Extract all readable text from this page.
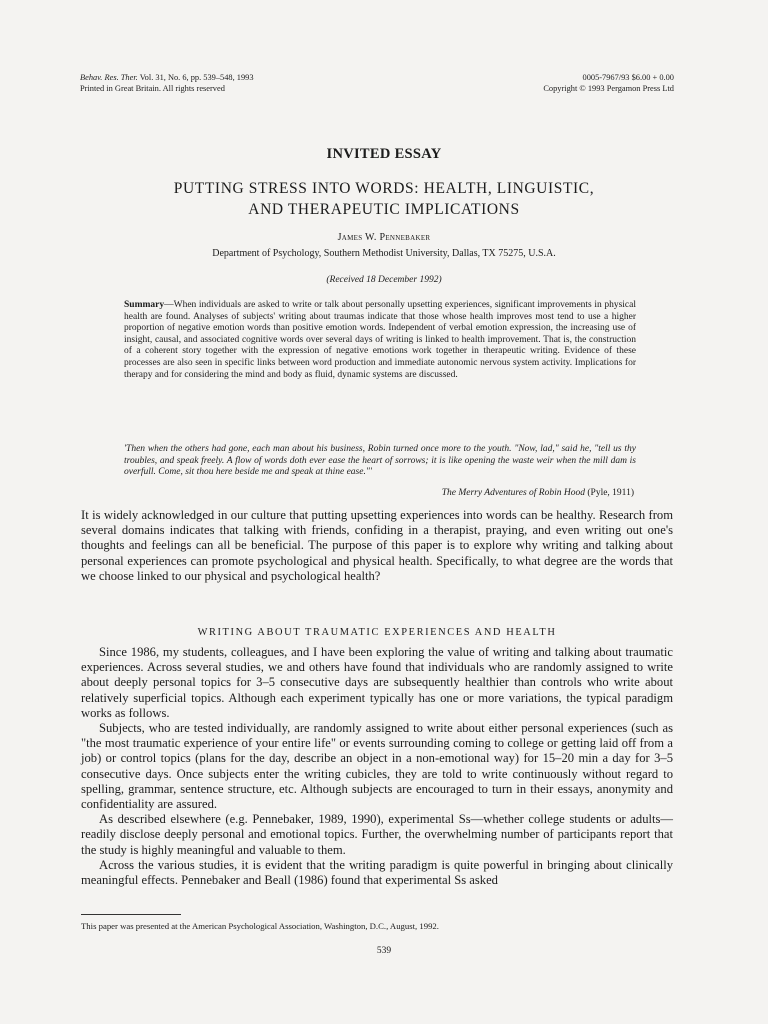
Behav. Res. Ther. Vol. 31, No. 6, pp. 539–548, 1993
Printed in Great Britain. All rights reserved
0005-7967/93 $6.00 + 0.00
Copyright © 1993 Pergamon Press Ltd
INVITED ESSAY
PUTTING STRESS INTO WORDS: HEALTH, LINGUISTIC,
AND THERAPEUTIC IMPLICATIONS
James W. Pennebaker
Department of Psychology, Southern Methodist University, Dallas, TX 75275, U.S.A.
(Received 18 December 1992)
Summary—When individuals are asked to write or talk about personally upsetting experiences, significant improvements in physical health are found. Analyses of subjects' writing about traumas indicate that those whose health improves most tend to use a higher proportion of negative emotion words than positive emotion words. Independent of verbal emotion expression, the increasing use of insight, causal, and associated cognitive words over several days of writing is linked to health improvement. That is, the construction of a coherent story together with the expression of negative emotions work together in therapeutic writing. Evidence of these processes are also seen in specific links between word production and immediate autonomic nervous system activity. Implications for therapy and for considering the mind and body as fluid, dynamic systems are discussed.
'Then when the others had gone, each man about his business, Robin turned once more to the youth. "Now, lad," said he, "tell us thy troubles, and speak freely. A flow of words doth ever ease the heart of sorrows; it is like opening the waste weir when the mill dam is overfull. Come, sit thou here beside me and speak at thine ease."'
The Merry Adventures of Robin Hood (Pyle, 1911)

It is widely acknowledged in our culture that putting upsetting experiences into words can be healthy. Research from several domains indicates that talking with friends, confiding in a therapist, praying, and even writing out one's thoughts and feelings can all be beneficial. The purpose of this paper is to explore why writing and talking about personal experiences can promote psychological and physical health. Specifically, to what degree are the words that we choose linked to our physical and psychological health?

WRITING ABOUT TRAUMATIC EXPERIENCES AND HEALTH

Since 1986, my students, colleagues, and I have been exploring the value of writing and talking about traumatic experiences. Across several studies, we and others have found that individuals who are randomly assigned to write about deeply personal topics for 3–5 consecutive days are subsequently healthier than controls who write about relatively superficial topics. Although each experiment typically has one or more variations, the typical paradigm works as follows.

Subjects, who are tested individually, are randomly assigned to write about either personal experiences (such as "the most traumatic experience of your entire life" or events surrounding coming to college or getting laid off from a job) or control topics (plans for the day, describe an object in a non-emotional way) for 15–20 min a day for 3–5 consecutive days. Once subjects enter the writing cubicles, they are told to write continuously without regard to spelling, grammar, sentence structure, etc. Although subjects are encouraged to turn in their essays, anonymity and confidentiality are assured.

As described elsewhere (e.g. Pennebaker, 1989, 1990), experimental Ss—whether college students or adults—readily disclose deeply personal and emotional topics. Further, the overwhelming number of participants report that the study is highly meaningful and valuable to them.

Across the various studies, it is evident that the writing paradigm is quite powerful in bringing about clinically meaningful effects. Pennebaker and Beall (1986) found that experimental Ss asked

This paper was presented at the American Psychological Association, Washington, D.C., August, 1992.
539
